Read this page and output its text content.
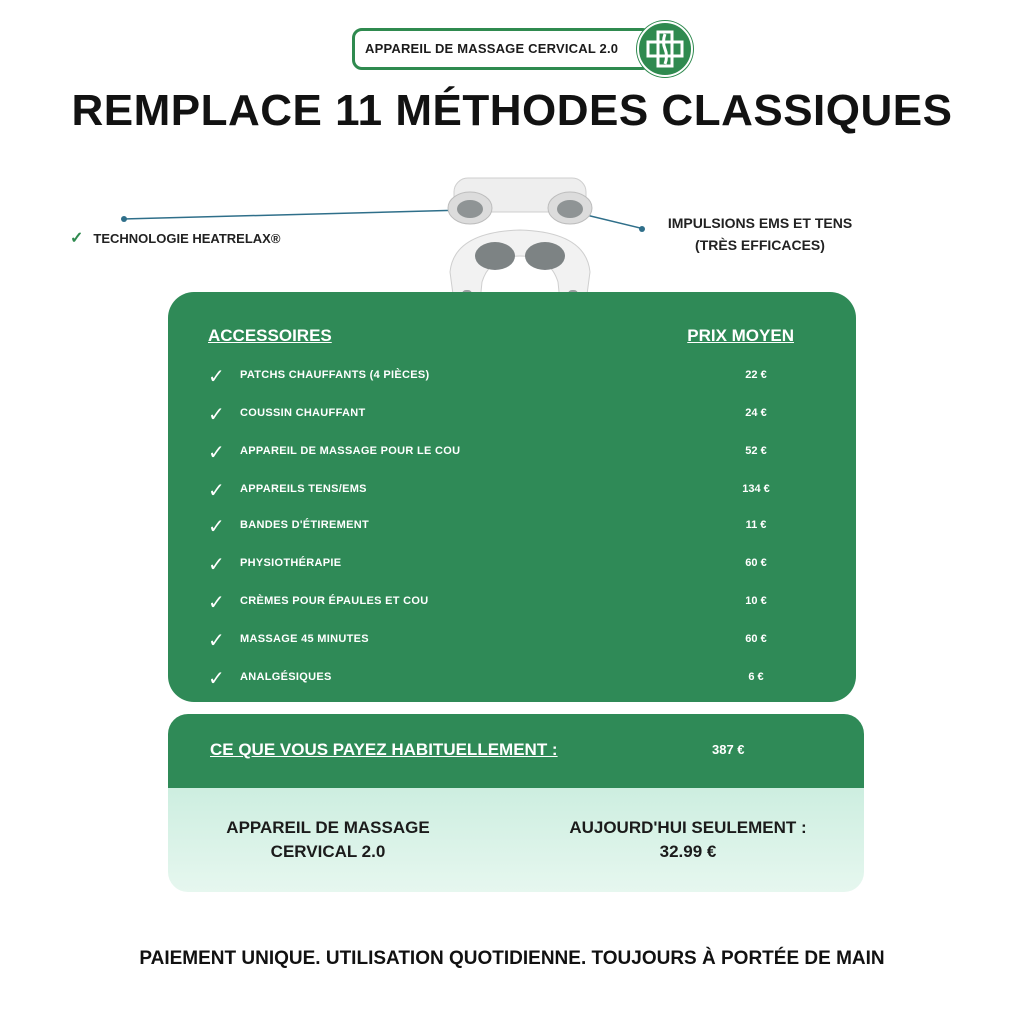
APPAREIL DE MASSAGE CERVICAL 2.0
REMPLACE 11 MÉTHODES CLASSIQUES
✓ TECHNOLOGIE HEATRELAX®
IMPULSIONS EMS ET TENS
(TRÈS EFFICACES)
ACCESSOIRES	PRIX MOYEN
✓ PATCHS CHAUFFANTS (4 PIÈCES)	22 €
✓ COUSSIN CHAUFFANT	24 €
✓ APPAREIL DE MASSAGE POUR LE COU	52 €
✓ APPAREILS TENS/EMS	134 €
✓ BANDES D'ÉTIREMENT	11 €
✓ PHYSIOTHÉRAPIE	60 €
✓ CRÈMES POUR ÉPAULES ET COU	10 €
✓ MASSAGE 45 MINUTES	60 €
✓ ANALGÉSIQUES	6 €
CE QUE VOUS PAYEZ HABITUELLEMENT :	387 €
APPAREIL DE MASSAGE
CERVICAL 2.0
AUJOURD'HUI SEULEMENT :
32.99 €
PAIEMENT UNIQUE. UTILISATION QUOTIDIENNE. TOUJOURS À PORTÉE DE MAIN
